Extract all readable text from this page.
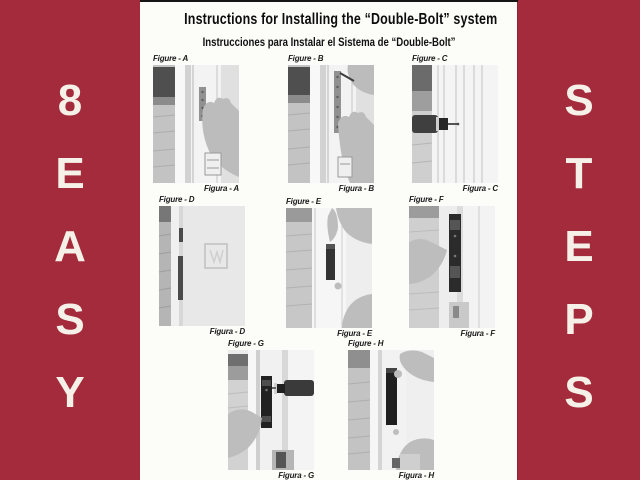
8
E
A
S
Y
S
T
E
P
S
Instructions for Installing the “Double-Bolt” system
Instrucciones para Instalar el Sistema de “Double-Bolt”
Figure - A
Figura - A
Figure - B
Figura - B
Figure - C
Figura - C
Figure - D
Figura - D
Figure - E
Figura - E
Figure - F
Figura - F
Figure - G
Figura - G
Figure - H
Figura - H
